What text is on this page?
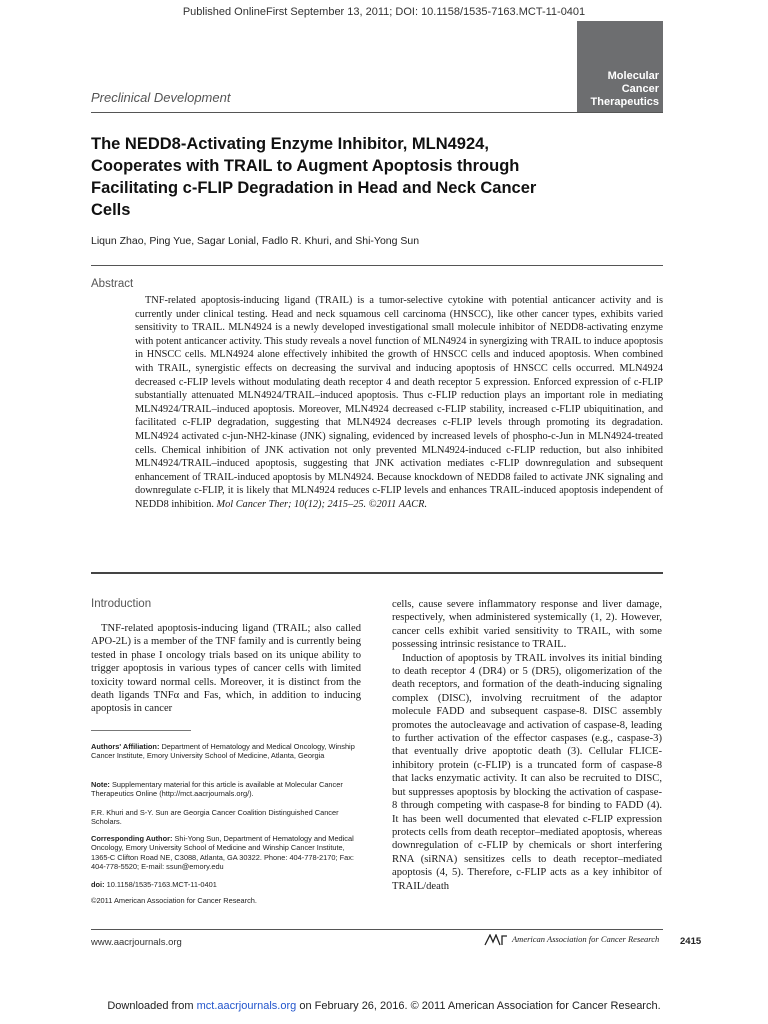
Published OnlineFirst September 13, 2011; DOI: 10.1158/1535-7163.MCT-11-0401
Molecular
Cancer
Therapeutics
Preclinical Development
The NEDD8-Activating Enzyme Inhibitor, MLN4924, Cooperates with TRAIL to Augment Apoptosis through Facilitating c-FLIP Degradation in Head and Neck Cancer Cells
Liqun Zhao, Ping Yue, Sagar Lonial, Fadlo R. Khuri, and Shi-Yong Sun
Abstract
TNF-related apoptosis-inducing ligand (TRAIL) is a tumor-selective cytokine with potential anticancer activity and is currently under clinical testing. Head and neck squamous cell carcinoma (HNSCC), like other cancer types, exhibits varied sensitivity to TRAIL. MLN4924 is a newly developed investigational small molecule inhibitor of NEDD8-activating enzyme with potent anticancer activity. This study reveals a novel function of MLN4924 in synergizing with TRAIL to induce apoptosis in HNSCC cells. MLN4924 alone effectively inhibited the growth of HNSCC cells and induced apoptosis. When combined with TRAIL, synergistic effects on decreasing the survival and inducing apoptosis of HNSCC cells occurred. MLN4924 decreased c-FLIP levels without modulating death receptor 4 and death receptor 5 expression. Enforced expression of c-FLIP substantially attenuated MLN4924/TRAIL–induced apoptosis. Thus c-FLIP reduction plays an important role in mediating MLN4924/TRAIL–induced apoptosis. Moreover, MLN4924 decreased c-FLIP stability, increased c-FLIP ubiquitination, and facilitated c-FLIP degradation, suggesting that MLN4924 decreases c-FLIP levels through promoting its degradation. MLN4924 activated c-jun-NH2-kinase (JNK) signaling, evidenced by increased levels of phospho-c-Jun in MLN4924-treated cells. Chemical inhibition of JNK activation not only prevented MLN4924-induced c-FLIP reduction, but also inhibited MLN4924/TRAIL–induced apoptosis, suggesting that JNK activation mediates c-FLIP downregulation and subsequent enhancement of TRAIL-induced apoptosis by MLN4924. Because knockdown of NEDD8 failed to activate JNK signaling and downregulate c-FLIP, it is likely that MLN4924 reduces c-FLIP levels and enhances TRAIL-induced apoptosis independent of NEDD8 inhibition. Mol Cancer Ther; 10(12); 2415–25. ©2011 AACR.
Introduction

TNF-related apoptosis-inducing ligand (TRAIL; also called APO-2L) is a member of the TNF family and is currently being tested in phase I oncology trials based on its unique ability to trigger apoptosis in various types of cancer cells with limited toxicity toward normal cells. Moreover, it is distinct from the death ligands TNFα and Fas, which, in addition to inducing apoptosis in cancer

Authors' Affiliation: Department of Hematology and Medical Oncology, Winship Cancer Institute, Emory University School of Medicine, Atlanta, Georgia
Note: Supplementary material for this article is available at Molecular Cancer Therapeutics Online (http://mct.aacrjournals.org/).
F.R. Khuri and S-Y. Sun are Georgia Cancer Coalition Distinguished Cancer Scholars.
Corresponding Author: Shi-Yong Sun, Department of Hematology and Medical Oncology, Emory University School of Medicine and Winship Cancer Institute, 1365-C Clifton Road NE, C3088, Atlanta, GA 30322. Phone: 404-778-2170; Fax: 404-778-5520; E-mail: ssun@emory.edu
doi: 10.1158/1535-7163.MCT-11-0401
©2011 American Association for Cancer Research.

cells, cause severe inflammatory response and liver damage, respectively, when administered systemically (1, 2). However, cancer cells exhibit varied sensitivity to TRAIL, with some possessing intrinsic resistance to TRAIL.

Induction of apoptosis by TRAIL involves its initial binding to death receptor 4 (DR4) or 5 (DR5), oligomerization of the death receptors, and formation of the death-inducing signaling complex (DISC), involving recruitment of the adaptor molecule FADD and subsequent caspase-8. DISC assembly promotes the autocleavage and activation of caspase-8, leading to further activation of the effector caspases (e.g., caspase-3) that eventually drive apoptotic death (3). Cellular FLICE-inhibitory protein (c-FLIP) is a truncated form of caspase-8 that lacks enzymatic activity. It can also be recruited to DISC, but suppresses apoptosis by blocking the activation of caspase-8 through competing with caspase-8 for binding to FADD (4). It has been well documented that elevated c-FLIP expression protects cells from death receptor–mediated apoptosis, whereas downregulation of c-FLIP by chemicals or short interfering RNA (siRNA) sensitizes cells to death receptor–mediated apoptosis (4, 5). Therefore, c-FLIP acts as a key inhibitor of TRAIL/death

www.aacrjournals.org	American Association for Cancer Research 2415
Downloaded from mct.aacrjournals.org on February 26, 2016. © 2011 American Association for Cancer Research.
